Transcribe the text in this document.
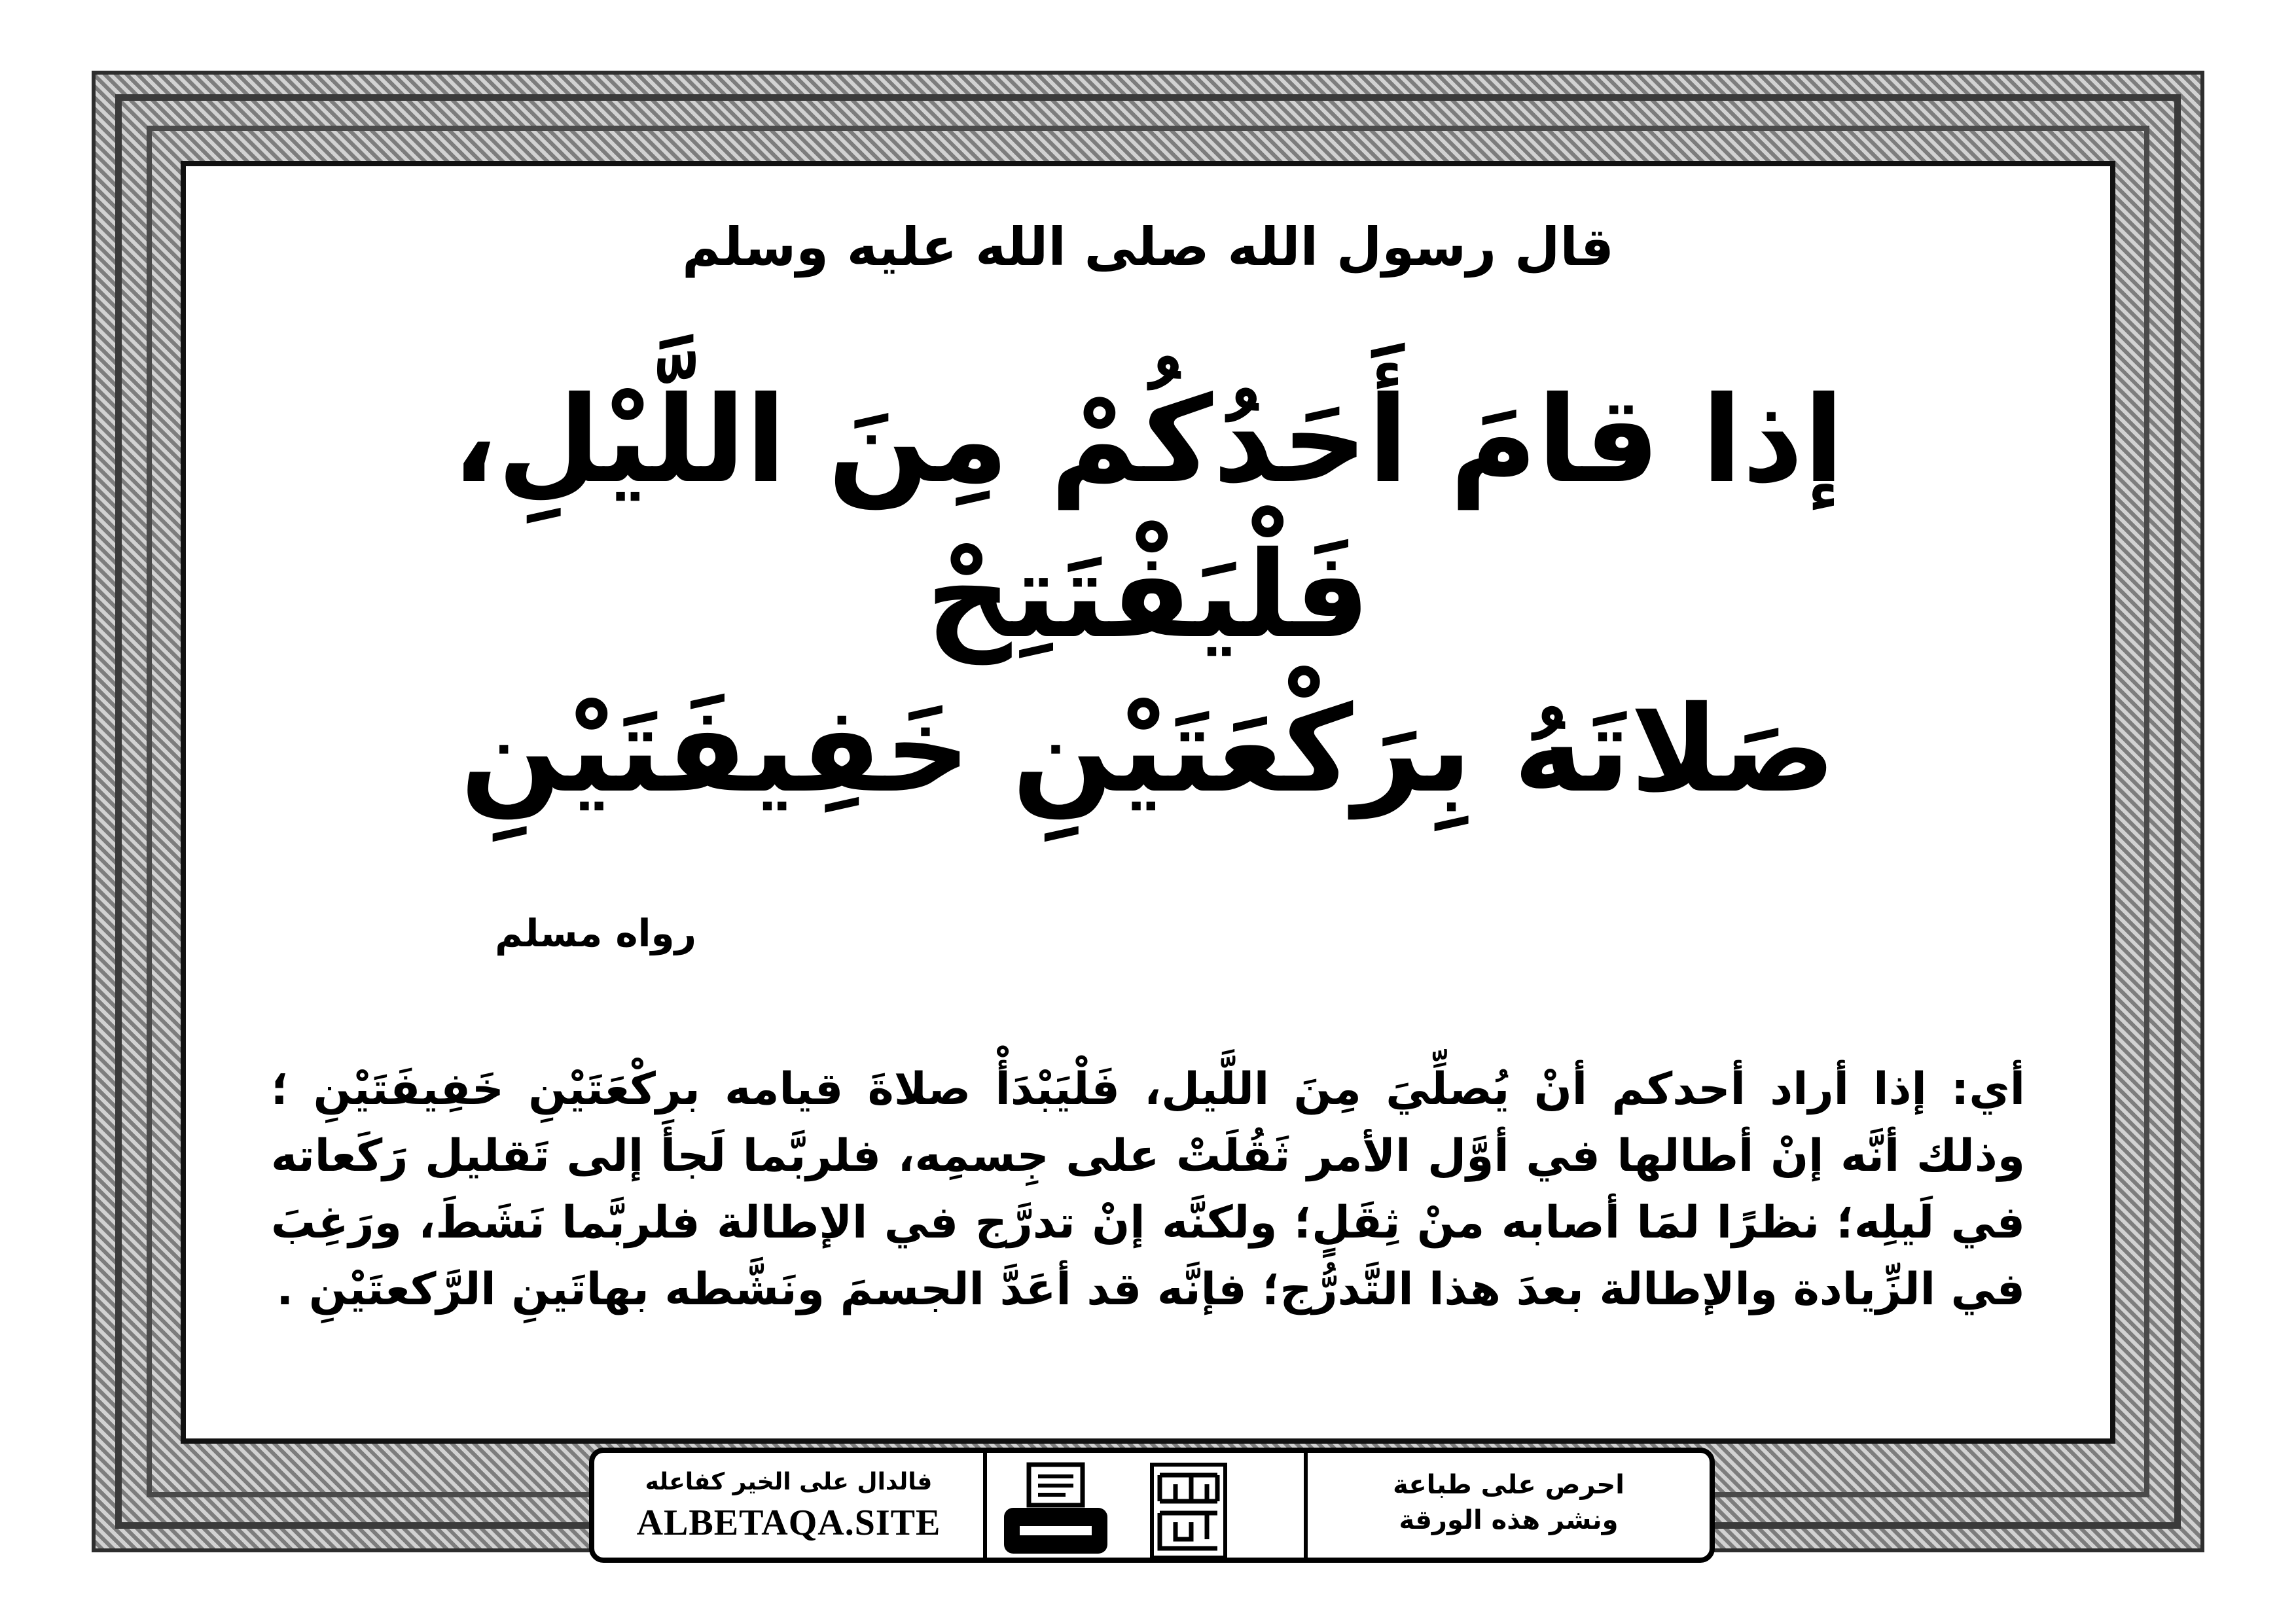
قال رسول الله صلى الله عليه وسلم
إذا قامَ أَحَدُكُمْ مِنَ اللَّيْلِ، فَلْيَفْتَتِحْ
صَلاتَهُ بِرَكْعَتَيْنِ خَفِيفَتَيْنِ
رواه مسلم
أي: إذا أراد أحدكم أنْ يُصلِّيَ مِنَ اللَّيل، فَلْيَبْدَأْ صلاةَ قيامه بركْعَتَيْنِ خَفِيفَتَيْنِ ؛ وذلك أنَّه إنْ أطالها في أوَّل الأمر ثَقُلَتْ على جِسمِه، فلربَّما لَجأَ إلى تَقليل رَكَعاته في لَيلِه؛ نظرًا لمَا أصابه منْ ثِقَلٍ؛ ولكنَّه إنْ تدرَّج في الإطالة فلربَّما نَشَطَ، ورَغِبَ في الزِّيادة والإطالة بعدَ هذا التَّدرُّج؛ فإنَّه قد أعَدَّ الجسمَ ونَشَّطه بهاتَينِ الرَّكعتَيْنِ .
فالدال على الخير كفاعله
ALBETAQA.SITE
احرص على طباعة
ونشر هذه الورقة
